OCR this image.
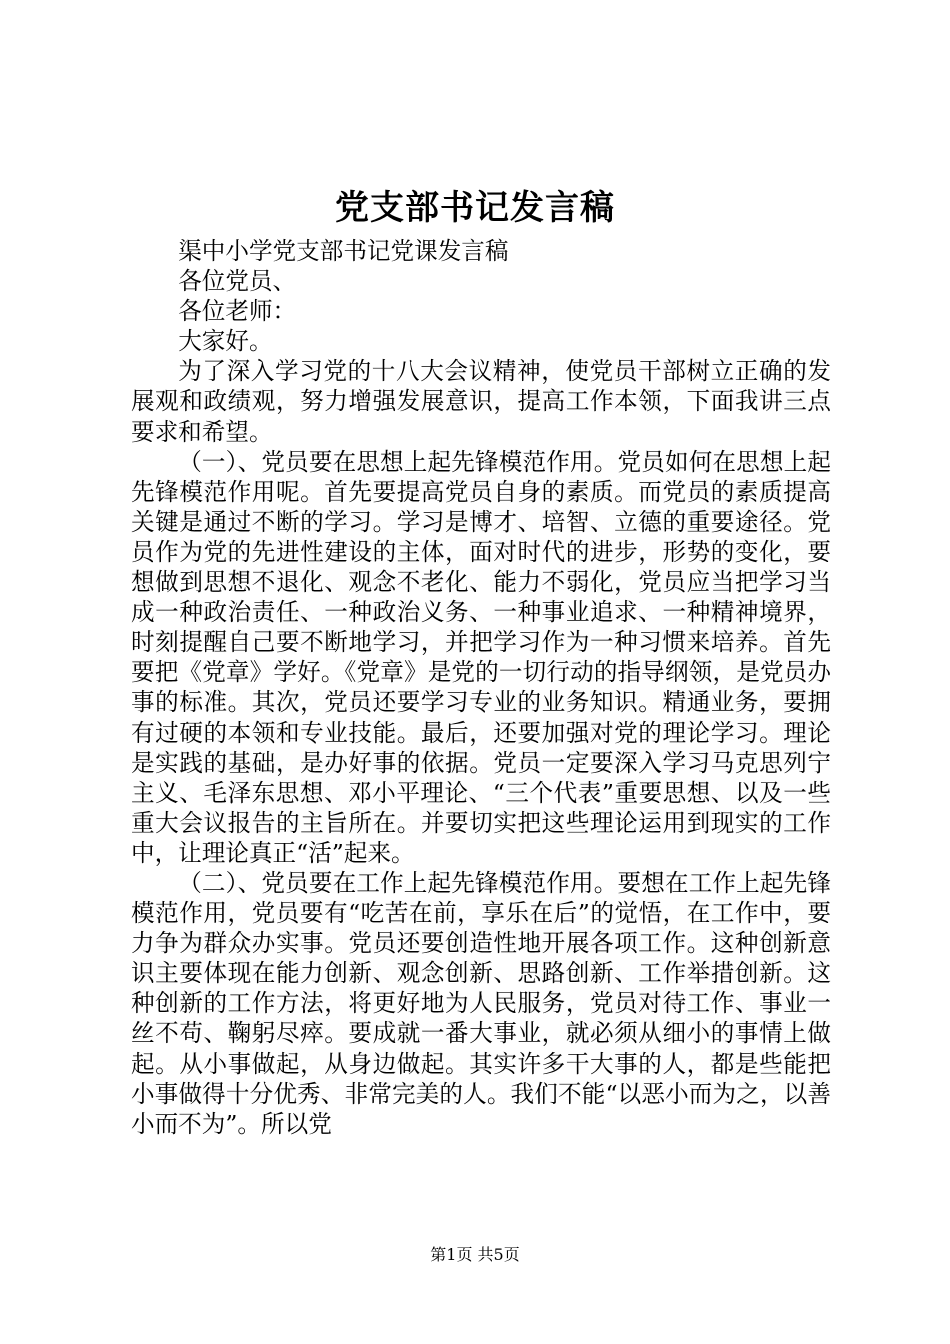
党支部书记发言稿

渠中小学党支部书记党课发言稿

各位党员、

各位老师：

大家好。

为了深入学习党的十八大会议精神，使党员干部树立正确的发展观和政绩观，努力增强发展意识，提高工作本领，下面我讲三点要求和希望。

（一）、党员要在思想上起先锋模范作用。党员如何在思想上起先锋模范作用呢。首先要提高党员自身的素质。而党员的素质提高关键是通过不断的学习。学习是博才、培智、立德的重要途径。党员作为党的先进性建设的主体，面对时代的进步，形势的变化，要想做到思想不退化、观念不老化、能力不弱化，党员应当把学习当成一种政治责任、一种政治义务、一种事业追求、一种精神境界，时刻提醒自己要不断地学习，并把学习作为一种习惯来培养。首先要把《党章》学好。《党章》是党的一切行动的指导纲领，是党员办事的标准。其次，党员还要学习专业的业务知识。精通业务，要拥有过硬的本领和专业技能。最后，还要加强对党的理论学习。理论是实践的基础，是办好事的依据。党员一定要深入学习马克思列宁主义、毛泽东思想、邓小平理论、“三个代表”重要思想、以及一些重大会议报告的主旨所在。并要切实把这些理论运用到现实的工作中，让理论真正“活”起来。

（二）、党员要在工作上起先锋模范作用。要想在工作上起先锋模范作用，党员要有“吃苦在前，享乐在后”的觉悟，在工作中，要力争为群众办实事。党员还要创造性地开展各项工作。这种创新意识主要体现在能力创新、观念创新、思路创新、工作举措创新。这种创新的工作方法，将更好地为人民服务，党员对待工作、事业一丝不苟、鞠躬尽瘁。要成就一番大事业，就必须从细小的事情上做起。从小事做起，从身边做起。其实许多干大事的人，都是些能把小事做得十分优秀、非常完美的人。我们不能“以恶小而为之，以善小而不为”。所以党

第1页 共5页
